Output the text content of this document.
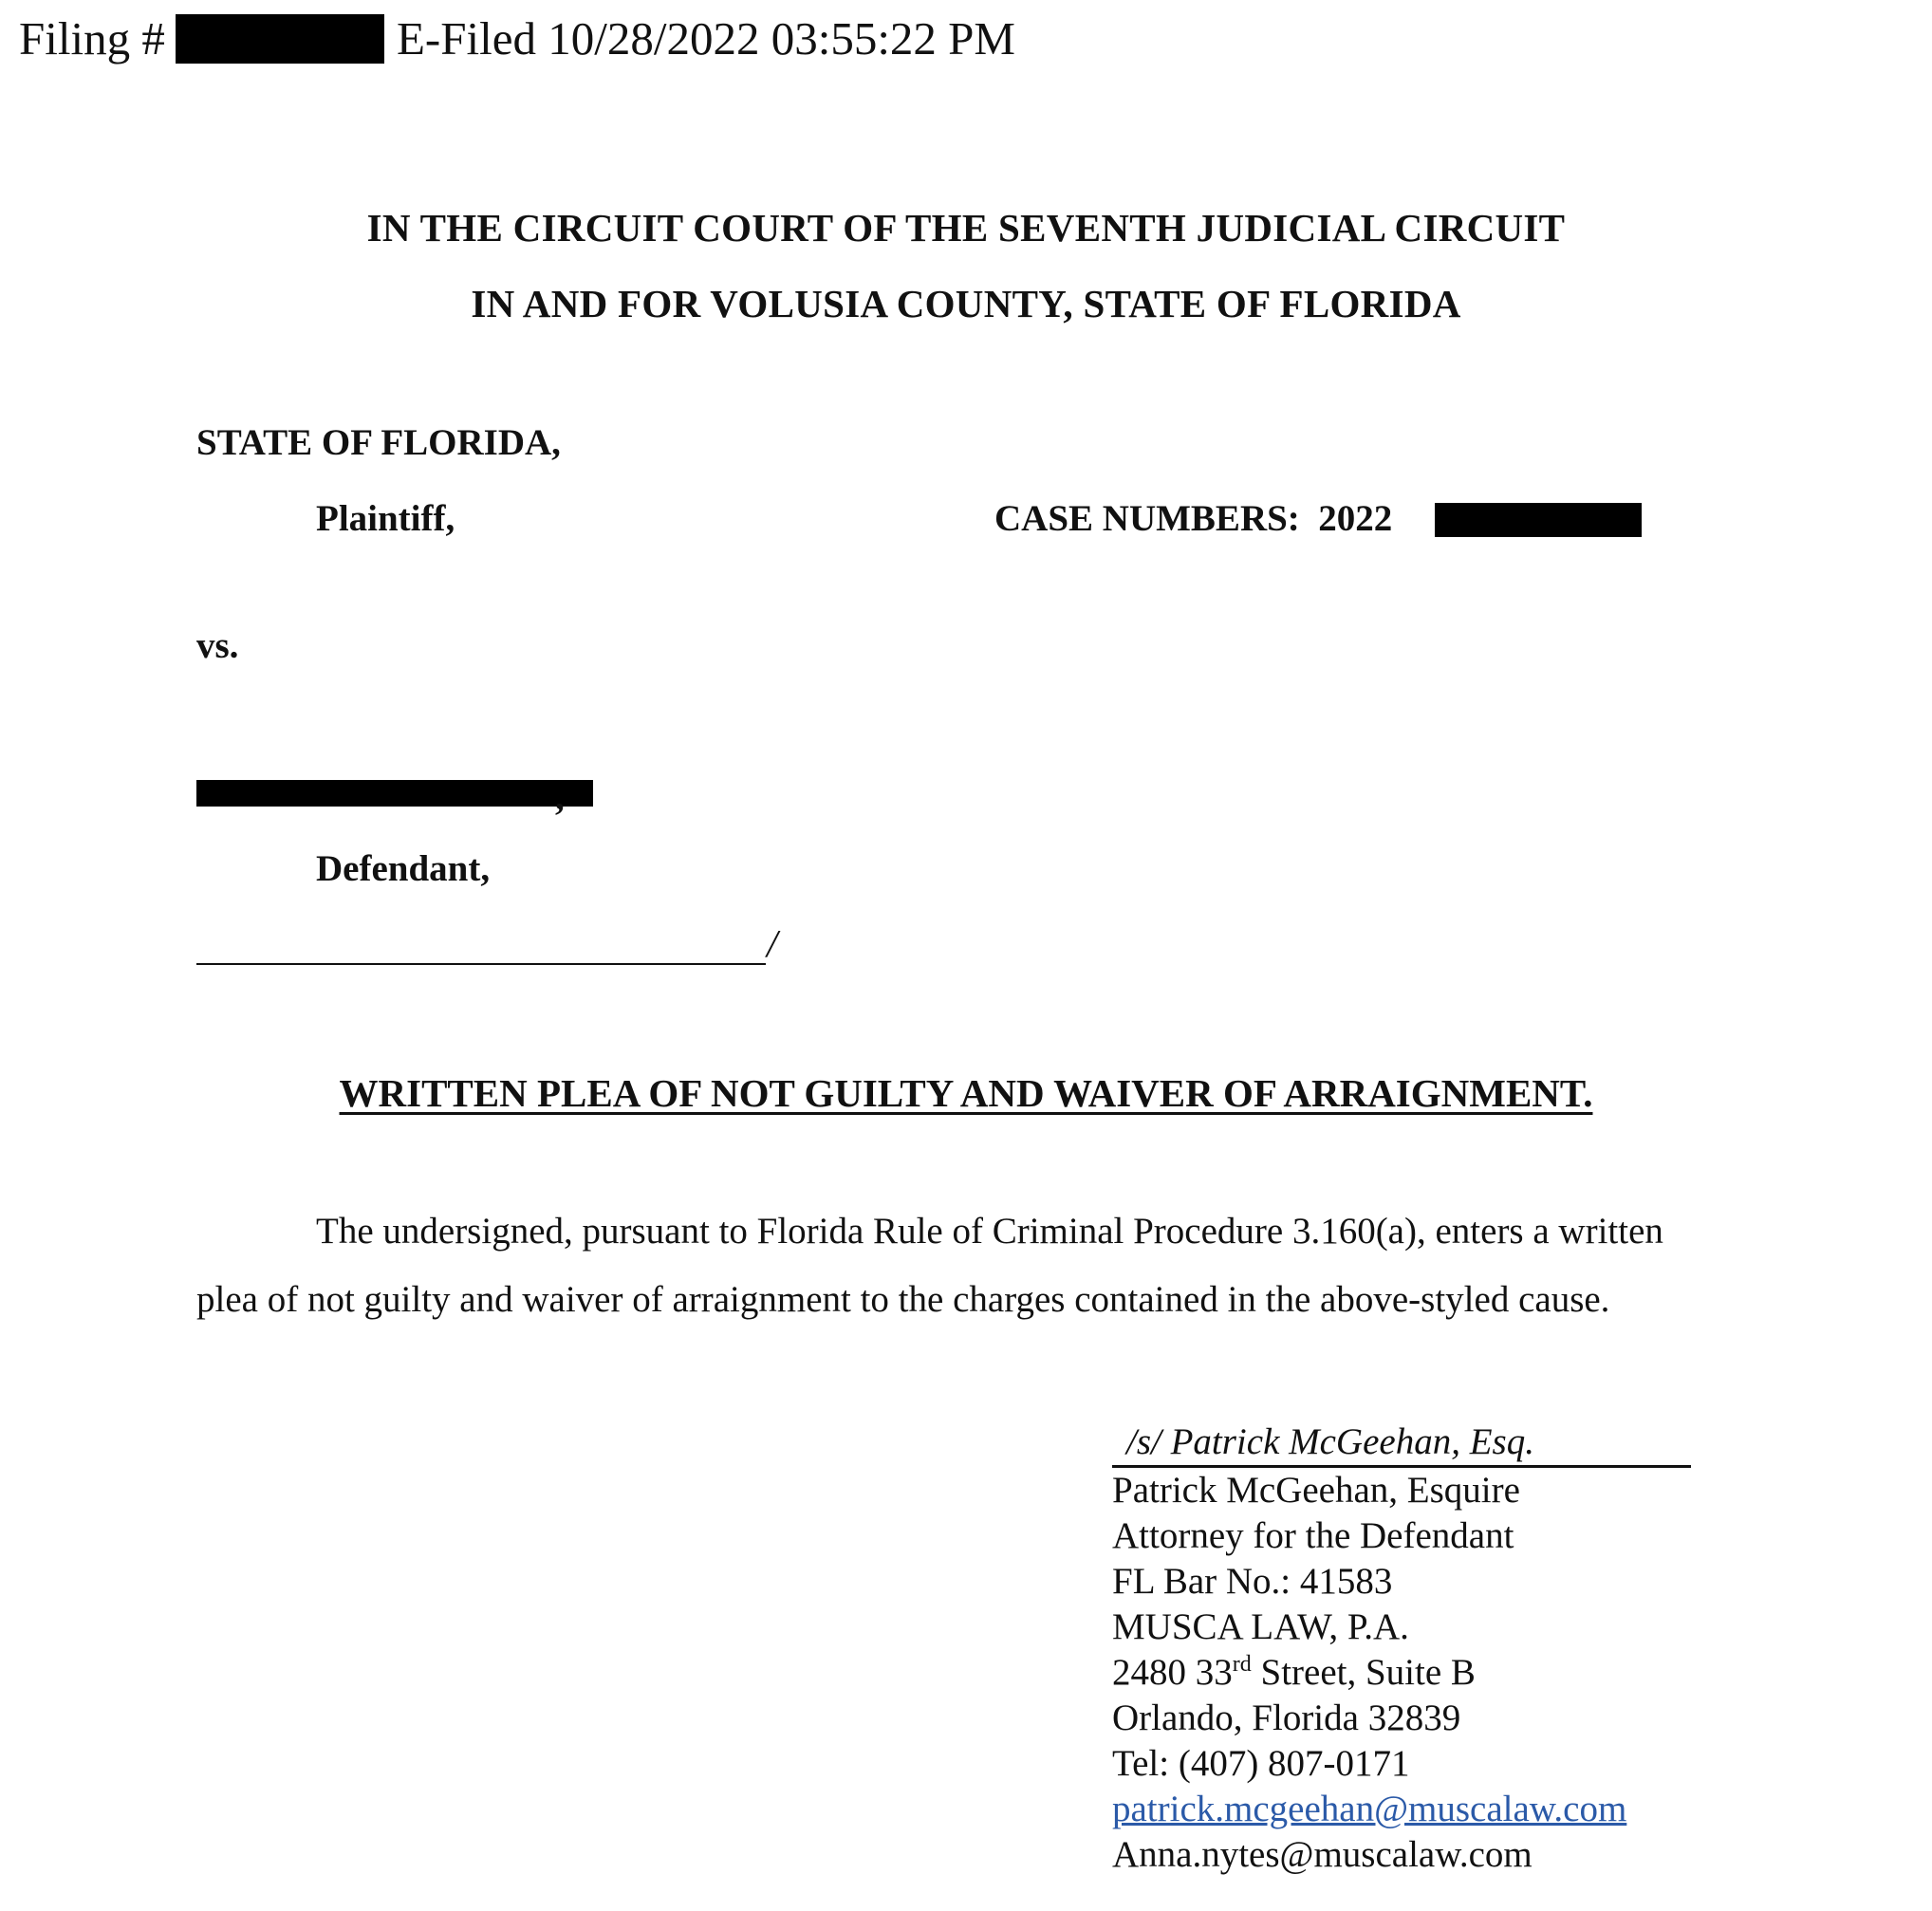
Filing #	E-Filed 10/28/2022 03:55:22 PM
IN THE CIRCUIT COURT OF THE SEVENTH JUDICIAL CIRCUIT
IN AND FOR VOLUSIA COUNTY, STATE OF FLORIDA
STATE OF FLORIDA,
Plaintiff,	CASE NUMBERS: 2022
vs.
,
Defendant,
/
WRITTEN PLEA OF NOT GUILTY AND WAIVER OF ARRAIGNMENT.
The undersigned, pursuant to Florida Rule of Criminal Procedure 3.160(a), enters a written plea of not guilty and waiver of arraignment to the charges contained in the above-styled cause.
/s/ Patrick McGeehan, Esq.
Patrick McGeehan, Esquire
Attorney for the Defendant
FL Bar No.: 41583
MUSCA LAW, P.A.
2480 33rd Street, Suite B
Orlando, Florida 32839
Tel: (407) 807-0171
patrick.mcgeehan@muscalaw.com
Anna.nytes@muscalaw.com
